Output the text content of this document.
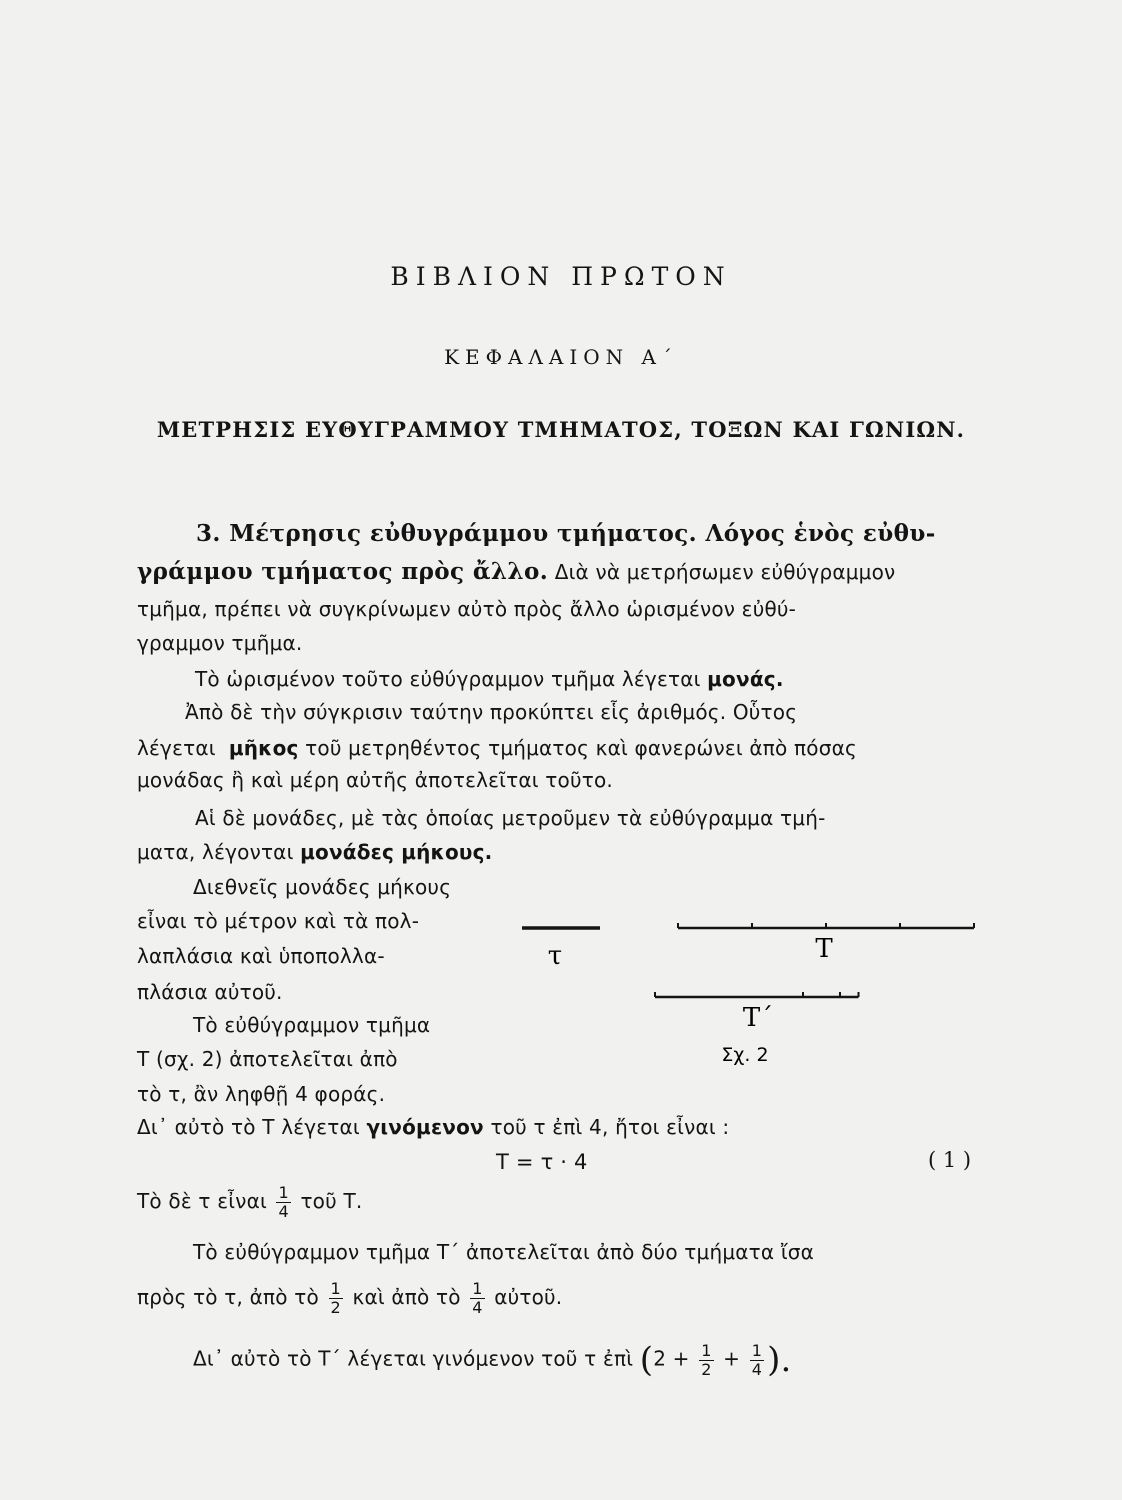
ΒΙΒΛΙΟΝ ΠΡΩΤΟΝ
ΚΕΦΑΛΑΙΟΝ Α΄
ΜΕΤΡΗΣΙΣ ΕΥΘΥΓΡΑΜΜΟΥ ΤΜΗΜΑΤΟΣ, ΤΟΞΩΝ ΚΑΙ ΓΩΝΙΩΝ.
3. Μέτρησις εὐθυγράμμου τμήματος. Λόγος ἑνὸς εὐθυ-
γράμμου τμήματος πρὸς ἄλλο. Διὰ νὰ μετρήσωμεν εὐθύγραμμον
τμῆμα, πρέπει νὰ συγκρίνωμεν αὐτὸ πρὸς ἄλλο ὡρισμένον εὐθύ-
γραμμον τμῆμα.
Τὸ ὡρισμένον τοῦτο εὐθύγραμμον τμῆμα λέγεται μονάς.
Ἀπὸ δὲ τὴν σύγκρισιν ταύτην προκύπτει εἷς ἀριθμός. Οὗτος
λέγεται μῆκος τοῦ μετρηθέντος τμήματος καὶ φανερώνει ἀπὸ πόσας
μονάδας ἢ καὶ μέρη αὐτῆς ἀποτελεῖται τοῦτο.
Αἱ δὲ μονάδες, μὲ τὰς ὁποίας μετροῦμεν τὰ εὐθύγραμμα τμή-
ματα, λέγονται μονάδες μήκους.
Διεθνεῖς μονάδες μήκους
εἶναι τὸ μέτρον καὶ τὰ πολ-
λαπλάσια καὶ ὑποπολλα-
πλάσια αὐτοῦ.
Τὸ εὐθύγραμμον τμῆμα
Τ (σχ. 2) ἀποτελεῖται ἀπὸ
τὸ τ, ἂν ληφθῇ 4 φοράς.
τ	Τ
Τ΄
Σχ. 2
Δι᾿ αὐτὸ τὸ Τ λέγεται γινόμενον τοῦ τ ἐπὶ 4, ἤτοι εἶναι :
Τ = τ · 4	( 1 )
Τὸ δὲ τ εἶναι $\frac{1}{4}$ τοῦ Τ.
Τὸ εὐθύγραμμον τμῆμα Τ΄ ἀποτελεῖται ἀπὸ δύο τμήματα ἴσα
πρὸς τὸ τ, ἀπὸ τὸ $\frac{1}{2}$ καὶ ἀπὸ τὸ $\frac{1}{4}$ αὐτοῦ.
Δι᾿ αὐτὸ τὸ Τ΄ λέγεται γινόμενον τοῦ τ ἐπὶ ($2 + \frac{1}{2} + \frac{1}{4}$ ).
